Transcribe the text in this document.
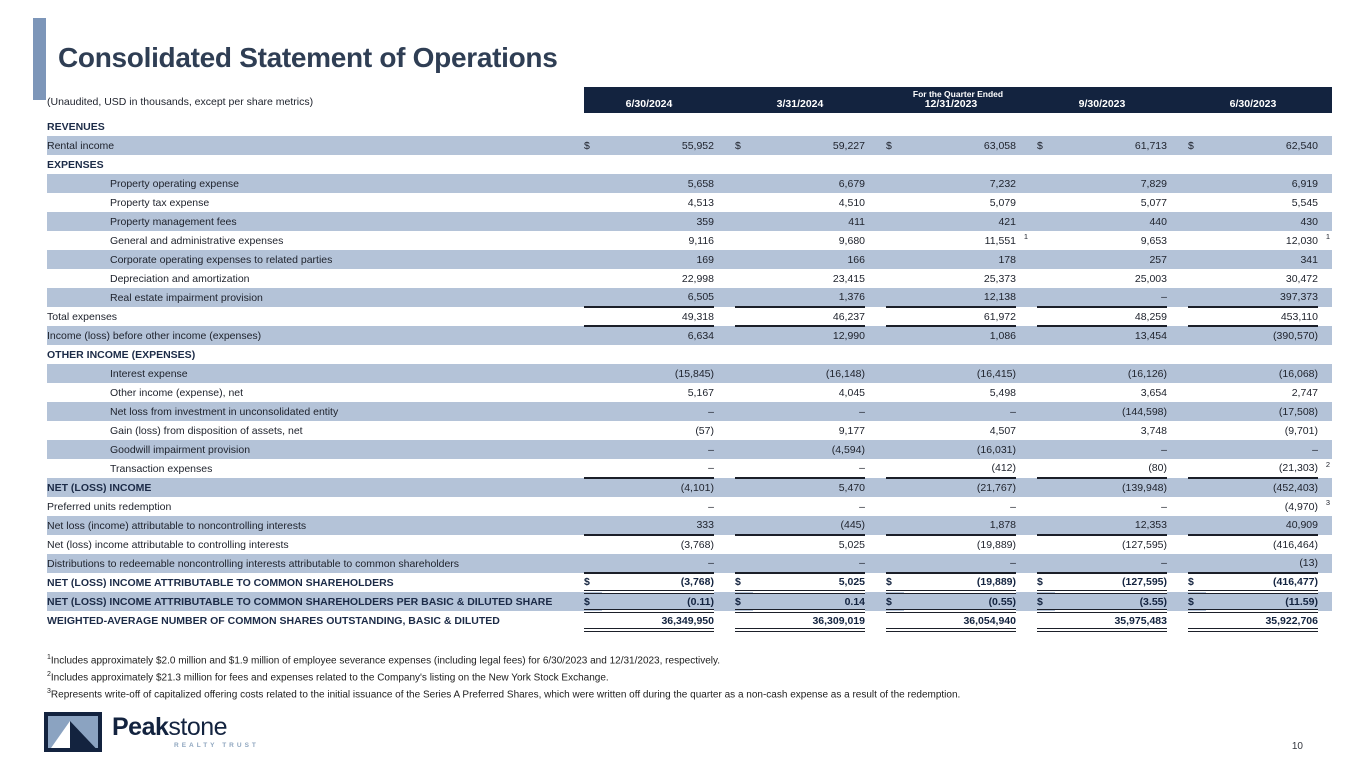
Consolidated Statement of Operations
(Unaudited, USD in thousands, except per share metrics)
For the Quarter Ended
6/30/2024	3/31/2024	12/31/2023	9/30/2023	6/30/2023
REVENUES															
Rental income	$	55,952		$	59,227		$	63,058		$	61,713		$	62,540	
EXPENSES															
Property operating expense		5,658			6,679			7,232			7,829			6,919	
Property tax expense		4,513			4,510			5,079			5,077			5,545	
Property management fees		359			411			421			440			430	
General and administrative expenses		9,116			9,680			11,551 1			9,653			12,030 1	

Corporate operating expenses to related parties		169			166			178			257			341	
Depreciation and amortization		22,998			23,415			25,373			25,003			30,472	
Real estate impairment provision		6,505			1,376			12,138			–			397,373	
Total expenses		49,318			46,237			61,972			48,259			453,110	
Income (loss) before other income (expenses)		6,634			12,990			1,086			13,454			(390,570)	
OTHER INCOME (EXPENSES)															
Interest expense		(15,845)			(16,148)			(16,415)			(16,126)			(16,068)	
Other income (expense), net		5,167			4,045			5,498			3,654			2,747	
Net loss from investment in unconsolidated entity		–			–			–			(144,598)			(17,508)	
Gain (loss) from disposition of assets, net		(57)			9,177			4,507			3,748			(9,701)	
Goodwill impairment provision		–			(4,594)			(16,031)			–			–	
Transaction expenses		–			–			(412)			(80)			(21,303) 2	

NET (LOSS) INCOME		(4,101)			5,470			(21,767)			(139,948)			(452,403)	
Preferred units redemption		–			–			–			–			(4,970) 3	

Net loss (income) attributable to noncontrolling interests		333			(445)			1,878			12,353			40,909	
Net (loss) income attributable to controlling interests		(3,768)			5,025			(19,889)			(127,595)			(416,464)	
Distributions to redeemable noncontrolling interests attributable to common shareholders		–			–			–			–			(13)	
NET (LOSS) INCOME ATTRIBUTABLE TO COMMON SHAREHOLDERS	$	(3,768)		$	5,025		$	(19,889)		$	(127,595)		$	(416,477)	
NET (LOSS) INCOME ATTRIBUTABLE TO COMMON SHAREHOLDERS PER BASIC & DILUTED SHARE	$	(0.11)		$	0.14		$	(0.55)		$	(3.55)		$	(11.59)	
WEIGHTED-AVERAGE NUMBER OF COMMON SHARES OUTSTANDING, BASIC & DILUTED		36,349,950			36,309,019			36,054,940			35,975,483			35,922,706	
$^1$Includes approximately $2.0 million and $1.9 million of employee severance expenses (including legal fees) for 6/30/2023 and 12/31/2023, respectively.
$^2$Includes approximately $21.3 million for fees and expenses related to the Company's listing on the New York Stock Exchange.
$^3$Represents write-off of capitalized offering costs related to the initial issuance of the Series A Preferred Shares, which were written off during the quarter as a non-cash expense as a result of the redemption.
Peakstone
REALTY TRUST	10
